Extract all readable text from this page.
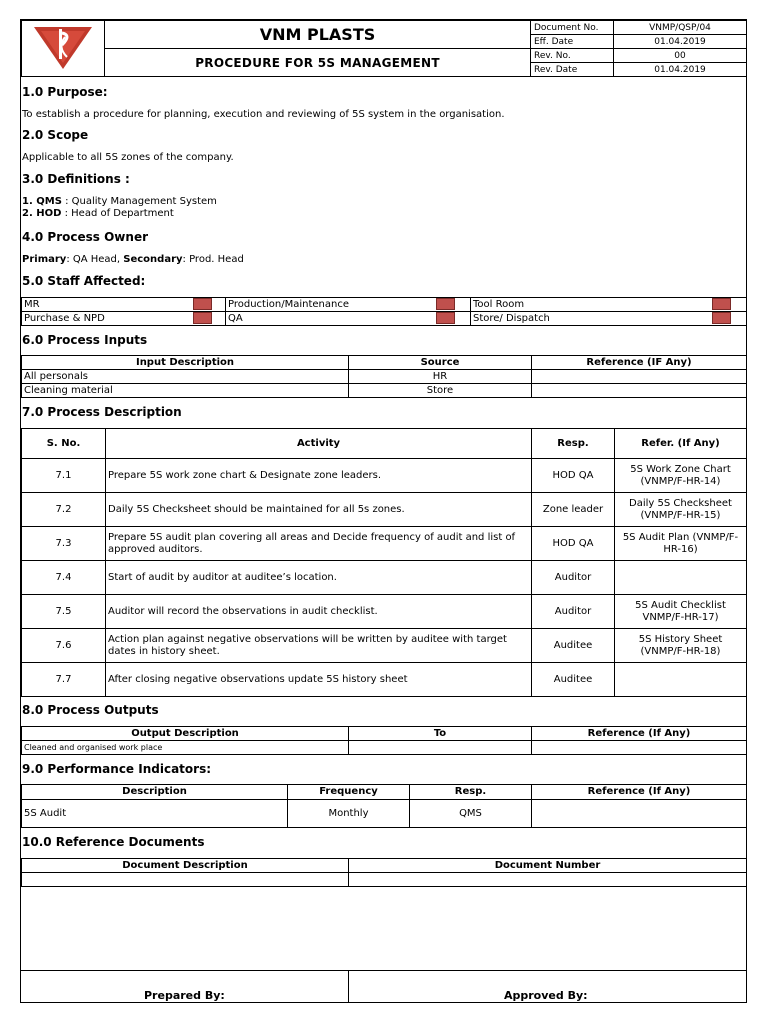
	VNM PLASTS	Document No.	VNMP/QSP/04
		Eff. Date	01.04.2019
	PROCEDURE FOR 5S MANAGEMENT	Rev. No.	00
		Rev. Date	01.04.2019
1.0 Purpose:
To establish a procedure for planning, execution and reviewing of 5S system in the organisation.
2.0 Scope
Applicable to all 5S zones of the company.
3.0 Definitions :
1. QMS : Quality Management System
2. HOD : Head of Department
4.0 Process Owner
Primary: QA Head, Secondary: Prod. Head
5.0 Staff Affected:
MR		Production/Maintenance		Tool Room	
Purchase & NPD		QA		Store/ Dispatch	
6.0 Process Inputs
Input Description	Source	Reference (IF Any)
All personals	HR	
Cleaning material	Store	
7.0 Process Description
S. No.	Activity	Resp.	Refer. (If Any)
7.1	Prepare 5S work zone chart & Designate zone leaders.	HOD QA	5S Work Zone Chart (VNMP/F-HR-14)
7.2	Daily 5S Checksheet should be maintained for all 5s zones.	Zone leader	Daily 5S Checksheet (VNMP/F-HR-15)
7.3	Prepare 5S audit plan covering all areas and Decide frequency of audit and list of approved auditors.	HOD QA	5S Audit Plan (VNMP/F-HR-16)
7.4	Start of audit by auditor at auditee’s location.	Auditor	
7.5	Auditor will record the observations in audit checklist.	Auditor	5S Audit Checklist VNMP/F-HR-17)
7.6	Action plan against negative observations will be written by auditee with target dates in history sheet.	Auditee	5S History Sheet (VNMP/F-HR-18)
7.7	After closing negative observations update 5S history sheet	Auditee	
8.0 Process Outputs
Output Description	To	Reference (If Any)
Cleaned and organised work place		
9.0 Performance Indicators:
Description	Frequency	Resp.	Reference (If Any)
5S Audit	Monthly	QMS	
10.0 Reference Documents
Document Description	Document Number

Prepared By:	Approved By:
